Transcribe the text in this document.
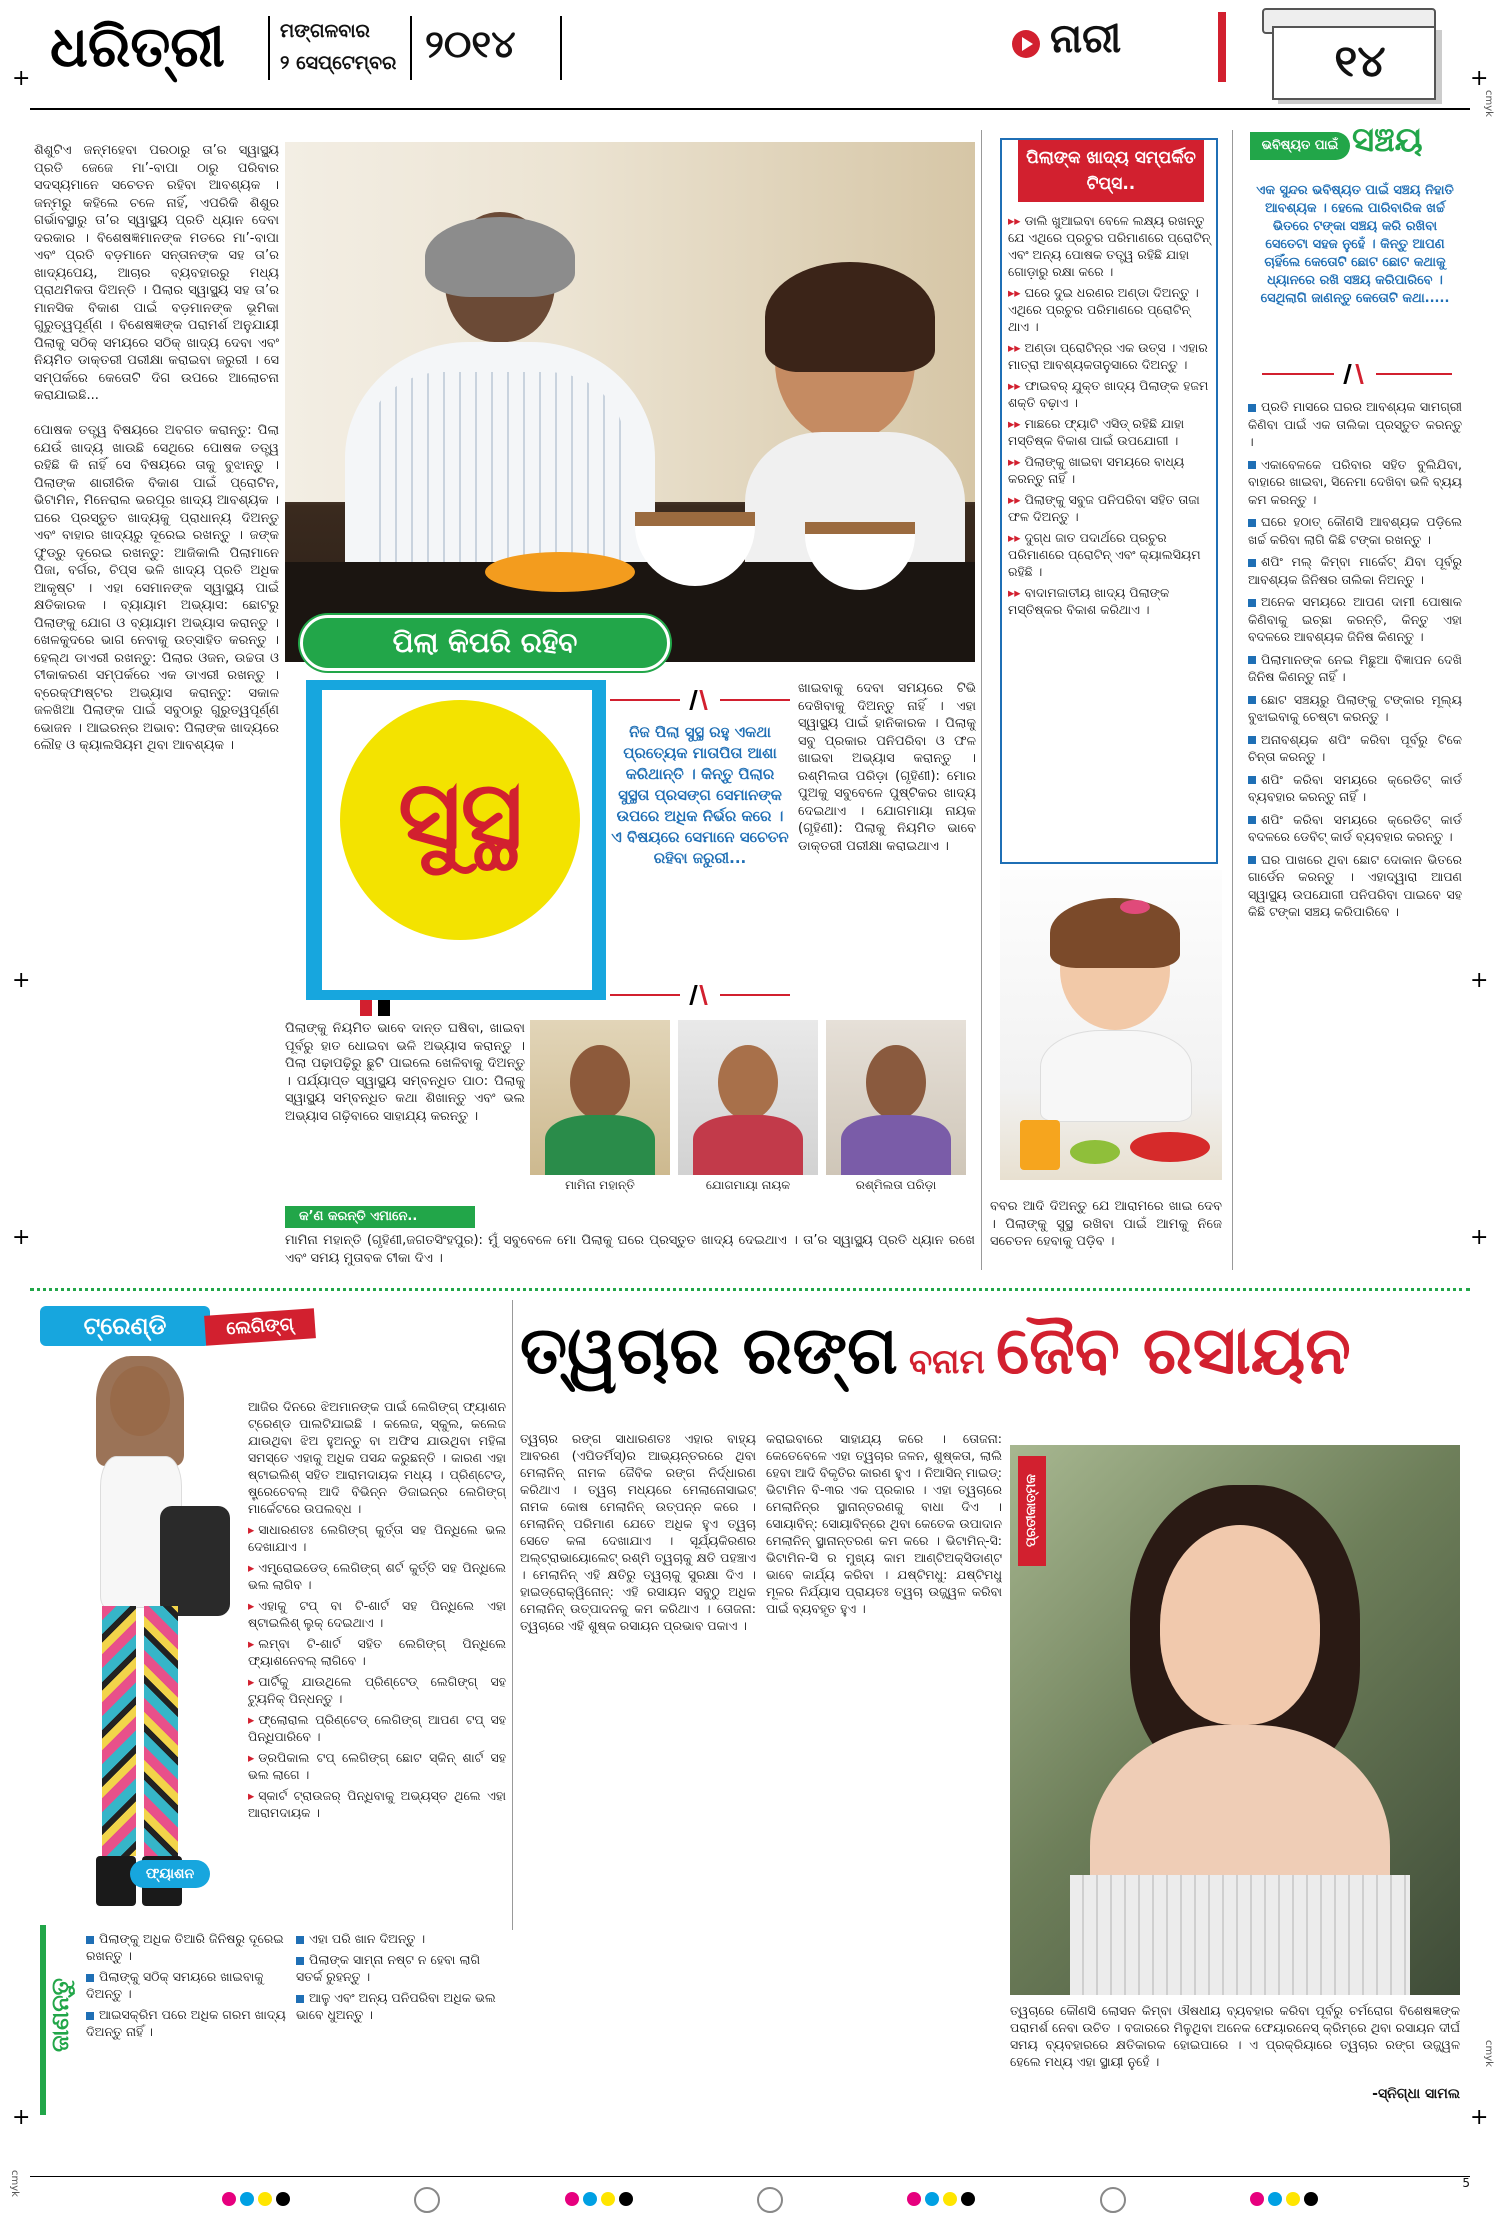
ଧରିତ୍ରୀ	ମଙ୍ଗଳବାର
୨ ସେପ୍ଟେମ୍ବର ୨୦୧୪	ନାରୀ	୧୪
+	+
+	+
+	+
+	+
ଶିଶୁଟିଏ ଜନ୍ମହେବା ପରଠାରୁ ତା’ର ସ୍ୱାସ୍ଥ୍ୟ ପ୍ରତି ଜେଜେ ମା’-ବାପା ଠାରୁ ପରିବାର ସଦସ୍ୟମାନେ ସଚେତନ ରହିବା ଆବଶ୍ୟକ । ଜନ୍ମରୁ କହିଲେ ଚଳେ ନାହିଁ, ଏପରିକି ଶିଶୁର ଗର୍ଭାବସ୍ଥାରୁ ତା’ର ସ୍ୱାସ୍ଥ୍ୟ ପ୍ରତି ଧ୍ୟାନ ଦେବା ଦରକାର । ବିଶେଷଜ୍ଞମାନଙ୍କ ମତରେ ମା’-ବାପା ଏବଂ ପ୍ରତି ବଡ଼ମାନେ ସନ୍ତାନଙ୍କ ସହ ତା’ର ଖାଦ୍ୟପେୟ, ଆଚାର ବ୍ୟବହାରରୁ ମଧ୍ୟ ପ୍ରାଥମିକତା ଦିଅନ୍ତି । ପିଲାର ସ୍ୱାସ୍ଥ୍ୟ ସହ ତା’ର ମାନସିକ ବିକାଶ ପାଇଁ ବଡ଼ମାନଙ୍କ ଭୂମିକା ଗୁରୁତ୍ୱପୂର୍ଣ୍ଣ । ବିଶେଷଜ୍ଞଙ୍କ ପରାମର୍ଶ ଅନୁଯାୟୀ ପିଲାକୁ ସଠିକ୍ ସମୟରେ ସଠିକ୍ ଖାଦ୍ୟ ଦେବା ଏବଂ ନିୟମିତ ଡାକ୍ତରୀ ପରୀକ୍ଷା କରାଇବା ଜରୁରୀ । ସେ ସମ୍ପର୍କରେ କେତୋଟି ଦିଗ ଉପରେ ଆଲୋଚନା କରାଯାଇଛି...

ପୋଷକ ତତ୍ତ୍ୱ ବିଷୟରେ ଅବଗତ କରାନ୍ତୁ: ପିଲା ଯେଉଁ ଖାଦ୍ୟ ଖାଉଛି ସେଥିରେ ପୋଷକ ତତ୍ତ୍ୱ ରହିଛି କି ନାହିଁ ସେ ବିଷୟରେ ତାକୁ ବୁଝାନ୍ତୁ । ପିଲାଙ୍କ ଶାରୀରିକ ବିକାଶ ପାଇଁ ପ୍ରୋଟିନ, ଭିଟାମିନ, ମିନେରାଲ ଭରପୂର ଖାଦ୍ୟ ଆବଶ୍ୟକ । ଘରେ ପ୍ରସ୍ତୁତ ଖାଦ୍ୟକୁ ପ୍ରାଧାନ୍ୟ ଦିଅନ୍ତୁ ଏବଂ ବାହାର ଖାଦ୍ୟରୁ ଦୂରେଇ ରଖନ୍ତୁ । ଜଙ୍କ ଫୁଡ୍‌ରୁ ଦୂରେଇ ରଖନ୍ତୁ: ଆଜିକାଲି ପିଲାମାନେ ପିଜା, ବର୍ଗର, ଚିପ୍ସ ଭଳି ଖାଦ୍ୟ ପ୍ରତି ଅଧିକ ଆକୃଷ୍ଟ । ଏହା ସେମାନଙ୍କ ସ୍ୱାସ୍ଥ୍ୟ ପାଇଁ କ୍ଷତିକାରକ । ବ୍ୟାୟାମ ଅଭ୍ୟାସ: ଛୋଟରୁ ପିଲାଙ୍କୁ ଯୋଗ ଓ ବ୍ୟାୟାମ ଅଭ୍ୟାସ କରାନ୍ତୁ । ଖେଳକୁଦରେ ଭାଗ ନେବାକୁ ଉତ୍ସାହିତ କରନ୍ତୁ । ହେଲ୍‌ଥ ଡାଏରୀ ରଖନ୍ତୁ: ପିଲାର ଓଜନ, ଉଚ୍ଚତା ଓ ଟୀକାକରଣ ସମ୍ପର୍କରେ ଏକ ଡାଏରୀ ରଖନ୍ତୁ । ବ୍ରେକ୍‌ଫାଷ୍ଟର ଅଭ୍ୟାସ କରାନ୍ତୁ: ସକାଳ ଜଳଖିଆ ପିଲାଙ୍କ ପାଇଁ ସବୁଠାରୁ ଗୁରୁତ୍ୱପୂର୍ଣ୍ଣ ଭୋଜନ । ଆଇରନ୍‌ର ଅଭାବ: ପିଲାଙ୍କ ଖାଦ୍ୟରେ ଲୌହ ଓ କ୍ୟାଲସିୟମ ଥିବା ଆବଶ୍ୟକ ।
ପିଲା କିପରି ରହିବ
ସୁସ୍ଥ
ନିଜ ପିଲା ସୁସ୍ଥ ରହୁ ଏକଥା ପ୍ରତ୍ୟେକ ମାତାପିତା ଆଶା କରିଥାନ୍ତି । କିନ୍ତୁ ପିଲାର ସୁସ୍ଥତା ପ୍ରସଙ୍ଗ ସେମାନଙ୍କ ଉପରେ ଅଧିକ ନିର୍ଭର କରେ । ଏ ବିଷୟରେ ସେମାନେ ସଚେତନ ରହିବା ଜରୁରୀ...
ଖାଇବାକୁ ଦେବା ସମୟରେ ଟିଭି ଦେଖିବାକୁ ଦିଅନ୍ତୁ ନାହିଁ । ଏହା ସ୍ୱାସ୍ଥ୍ୟ ପାଇଁ ହାନିକାରକ । ପିଲାକୁ ସବୁ ପ୍ରକାର ପନିପରିବା ଓ ଫଳ ଖାଇବା ଅଭ୍ୟାସ କରାନ୍ତୁ । ରଶ୍ମିଲତା ପରିଡ଼ା (ଗୃହିଣୀ): ମୋର ପୁଅକୁ ସବୁବେଳେ ପୁଷ୍ଟିକର ଖାଦ୍ୟ ଦେଇଥାଏ । ଯୋଗମାୟା ନାୟକ (ଗୃହିଣୀ): ପିଲାକୁ ନିୟମିତ ଭାବେ ଡାକ୍ତରୀ ପରୀକ୍ଷା କରାଇଥାଏ ।
ପିଲାଙ୍କୁ ନିୟମିତ ଭାବେ ଦାନ୍ତ ଘଷିବା, ଖାଇବା ପୂର୍ବରୁ ହାତ ଧୋଇବା ଭଳି ଅଭ୍ୟାସ କରାନ୍ତୁ । ପିଲା ପଢ଼ାପଢ଼ିରୁ ଛୁଟି ପାଇଲେ ଖେଳିବାକୁ ଦିଅନ୍ତୁ । ପର୍ଯ୍ୟାପ୍ତ ସ୍ୱାସ୍ଥ୍ୟ ସମ୍ବନ୍ଧିତ ପାଠ: ପିଲାକୁ ସ୍ୱାସ୍ଥ୍ୟ ସମ୍ବନ୍ଧିତ କଥା ଶିଖାନ୍ତୁ ଏବଂ ଭଲ ଅଭ୍ୟାସ ଗଢ଼ିବାରେ ସାହାଯ୍ୟ କରନ୍ତୁ ।
ମାମିନା ମହାନ୍ତି	ଯୋଗମାୟା ନାୟକ	ରଶ୍ମିଲତା ପରିଡ଼ା
କ’ଣ କରନ୍ତି ଏମାନେ..
ମାମିନା ମହାନ୍ତି (ଗୃହିଣୀ,ଜଗତସିଂହପୁର): ମୁଁ ସବୁବେଳେ ମୋ ପିଲାକୁ ଘରେ ପ୍ରସ୍ତୁତ ଖାଦ୍ୟ ଦେଇଥାଏ । ତା’ର ସ୍ୱାସ୍ଥ୍ୟ ପ୍ରତି ଧ୍ୟାନ ରଖେ ଏବଂ ସମୟ ମୁତାବକ ଟୀକା ଦିଏ ।
ପିଲାଙ୍କ ଖାଦ୍ୟ ସମ୍ପର୍କିତ ଟିପ୍ସ..
▸▸ ଡାଲି ଖୁଆଇବା ବେଳେ ଲକ୍ଷ୍ୟ ରଖନ୍ତୁ ଯେ ଏଥିରେ ପ୍ରଚୁର ପରିମାଣରେ ପ୍ରୋଟିନ୍ ଏବଂ ଅନ୍ୟ ପୋଷକ ତତ୍ତ୍ୱ ରହିଛି ଯାହା ଗୋଡ଼ାରୁ ରକ୍ଷା କରେ ।
▸▸ ଘରେ ଦୁଇ ଧରଣର ଅଣ୍ଡା ଦିଅନ୍ତୁ । ଏଥିରେ ପ୍ରଚୁର ପରିମାଣରେ ପ୍ରୋଟିନ୍ ଥାଏ ।
▸▸ ଅଣ୍ଡା ପ୍ରୋଟିନ୍‌ର ଏକ ଉତ୍ସ । ଏହାର ମାତ୍ରା ଆବଶ୍ୟକତାନୁସାରେ ଦିଅନ୍ତୁ ।
▸▸ ଫାଇବର୍ ଯୁକ୍ତ ଖାଦ୍ୟ ପିଲାଙ୍କ ହଜମ ଶକ୍ତି ବଢ଼ାଏ ।
▸▸ ମାଛରେ ଫ୍ୟାଟି ଏସିଡ୍ ରହିଛି ଯାହା ମସ୍ତିଷ୍କ ବିକାଶ ପାଇଁ ଉପଯୋଗୀ ।
▸▸ ପିଲାଙ୍କୁ ଖାଇବା ସମୟରେ ବାଧ୍ୟ କରନ୍ତୁ ନାହିଁ ।
▸▸ ପିଲାଙ୍କୁ ସବୁଜ ପନିପରିବା ସହିତ ତାଜା ଫଳ ଦିଅନ୍ତୁ ।
▸▸ ଦୁଗ୍ଧ ଜାତ ପଦାର୍ଥରେ ପ୍ରଚୁର ପରିମାଣରେ ପ୍ରୋଟିନ୍ ଏବଂ କ୍ୟାଲସିୟମ ରହିଛି ।
▸▸ ବାଦାମଜାତୀୟ ଖାଦ୍ୟ ପିଲାଙ୍କ ମସ୍ତିଷ୍କର ବିକାଶ କରିଥାଏ ।
ବବର ଆଦି ଦିଅନ୍ତୁ ଯେ ଆରାମରେ ଖାଇ ଦେବ । ପିଲାଙ୍କୁ ସୁସ୍ଥ ରଖିବା ପାଇଁ ଆମକୁ ନିଜେ ସଚେତନ ହେବାକୁ ପଡ଼ିବ ।
ଭବିଷ୍ୟତ ପାଇଁ ସଞ୍ଚୟ
ଏକ ସୁନ୍ଦର ଭବିଷ୍ୟତ ପାଇଁ ସଞ୍ଚୟ ନିହାତି ଆବଶ୍ୟକ । ହେଲେ ପାରିବାରିକ ଖର୍ଚ୍ଚ ଭିତରେ ଟଙ୍କା ସଞ୍ଚୟ କରି ରଖିବା ସେତେଟା ସହଜ ନୁହେଁ । କିନ୍ତୁ ଆପଣ ଚାହିଁଲେ କେତୋଟି ଛୋଟ ଛୋଟ କଥାକୁ ଧ୍ୟାନରେ ରଖି ସଞ୍ଚୟ କରିପାରିବେ । ସେଥିଲାଗି ଜାଣନ୍ତୁ କେତୋଟି କଥା.....
ପ୍ରତି ମାସରେ ଘରର ଆବଶ୍ୟକ ସାମଗ୍ରୀ କିଣିବା ପାଇଁ ଏକ ତାଲିକା ପ୍ରସ୍ତୁତ କରନ୍ତୁ ।
ଏକାବେଳକେ ପରିବାର ସହିତ ବୁଲିଯିବା, ବାହାରେ ଖାଇବା, ସିନେମା ଦେଖିବା ଭଳି ବ୍ୟୟ କମ କରନ୍ତୁ ।
ଘରେ ହଠାତ୍ କୌଣସି ଆବଶ୍ୟକ ପଡ଼ିଲେ ଖର୍ଚ୍ଚ କରିବା ଲାଗି କିଛି ଟଙ୍କା ରଖନ୍ତୁ ।
ଶପିଂ ମଲ୍ କିମ୍ବା ମାର୍କେଟ୍ ଯିବା ପୂର୍ବରୁ ଆବଶ୍ୟକ ଜିନିଷର ତାଲିକା ନିଅନ୍ତୁ ।
ଅନେକ ସମୟରେ ଆପଣ ଦାମୀ ପୋଷାକ କିଣିବାକୁ ଇଚ୍ଛା କରନ୍ତି, କିନ୍ତୁ ଏହା ବଦଳରେ ଆବଶ୍ୟକ ଜିନିଷ କିଣନ୍ତୁ ।
ପିଲାମାନଙ୍କ ନେଇ ମିଛୁଆ ବିଜ୍ଞାପନ ଦେଖି ଜିନିଷ କିଣନ୍ତୁ ନାହିଁ ।
ଛୋଟ ସଞ୍ଚୟରୁ ପିଲାଙ୍କୁ ଟଙ୍କାର ମୂଲ୍ୟ ବୁଝାଇବାକୁ ଚେଷ୍ଟା କରନ୍ତୁ ।
ଅନାବଶ୍ୟକ ଶପିଂ କରିବା ପୂର୍ବରୁ ଟିକେ ଚିନ୍ତା କରନ୍ତୁ ।
ଶପିଂ କରିବା ସମୟରେ କ୍ରେଡିଟ୍ କାର୍ଡ ବ୍ୟବହାର କରନ୍ତୁ ନାହିଁ ।
ଶପିଂ କରିବା ସମୟରେ କ୍ରେଡିଟ୍ କାର୍ଡ ବଦଳରେ ଡେବିଟ୍ କାର୍ଡ ବ୍ୟବହାର କରନ୍ତୁ ।
ଘର ପାଖରେ ଥିବା ଛୋଟ ଦୋକାନ ଭିତରେ ଗାର୍ଡେନ କରନ୍ତୁ । ଏହାଦ୍ୱାରା ଆପଣ ସ୍ୱାସ୍ଥ୍ୟ ଉପଯୋଗୀ ପନିପରିବା ପାଇବେ ସହ କିଛି ଟଙ୍କା ସଞ୍ଚୟ କରିପାରିବେ ।
cmyk
cmyk
cmyk
ଟ୍ରେଣ୍ଡି	ଲେଗିଙ୍ଗ୍
ଫ୍ୟାଶନ
ଆଜିର ଦିନରେ ଝିଅମାନଙ୍କ ପାଇଁ ଲେଗିଙ୍ଗ୍ ଫ୍ୟାଶନ ଟ୍ରେଣ୍ଡ ପାଲଟିଯାଇଛି । କଲେଜ, ସ୍କୁଲ, କଲେଜ ଯାଉଥିବା ଝିଅ ହୁଅନ୍ତୁ ବା ଅଫିସ ଯାଉଥିବା ମହିଳା ସମସ୍ତେ ଏହାକୁ ଅଧିକ ପସନ୍ଦ କରୁଛନ୍ତି । କାରଣ ଏହା ଷ୍ଟାଇଲିଶ୍ ସହିତ ଆରାମଦାୟକ ମଧ୍ୟ । ପ୍ରିଣ୍ଟେଡ୍, ଷ୍ଟ୍ରେଚେବଲ୍ ଆଦି ବିଭିନ୍ନ ଡିଜାଇନ୍‌ର ଲେଗିଙ୍ଗ୍ ମାର୍କେଟରେ ଉପଲବ୍ଧ ।
▸ ସାଧାରଣତଃ ଲେଗିଙ୍ଗ୍ କୁର୍ତ୍ତା ସହ ପିନ୍ଧିଲେ ଭଲ ଦେଖାଯାଏ ।
▸ ଏମ୍ବ୍ରୋଇଡେଡ୍ ଲେଗିଙ୍ଗ୍ ଶର୍ଟ କୁର୍ତ୍ତି ସହ ପିନ୍ଧିଲେ ଭଲ ଲାଗିବ ।
▸ ଏହାକୁ ଟପ୍ ବା ଟି-ଶାର୍ଟ ସହ ପିନ୍ଧିଲେ ଏହା ଷ୍ଟାଇଲିଶ୍ ଲୁକ୍ ଦେଇଥାଏ ।
▸ ଲମ୍ବା ଟି-ଶାର୍ଟ ସହିତ ଲେଗିଙ୍ଗ୍ ପିନ୍ଧିଲେ ଫ୍ୟାଶନେବଲ୍ ଲାଗିବେ ।
▸ ପାର୍ଟିକୁ ଯାଉଥିଲେ ପ୍ରିଣ୍ଟେଡ୍ ଲେଗିଙ୍ଗ୍ ସହ ଟ୍ୟୁନିକ୍ ପିନ୍ଧନ୍ତୁ ।
▸ ଫ୍ଲୋରାଲ ପ୍ରିଣ୍ଟେଡ୍ ଲେଗିଙ୍ଗ୍ ଆପଣ ଟପ୍ ସହ ପିନ୍ଧିପାରିବେ ।
▸ ଡ୍ରପିକାଲ ଟପ୍ ଲେଗିଙ୍ଗ୍ ଛୋଟ ସ୍କିନ୍ ଶାର୍ଟ ସହ ଭଲ ଲାଗେ ।
▸ ସ୍କାର୍ଟ ଟ୍ରାଉଜର୍ ପିନ୍ଧିବାକୁ ଅଭ୍ୟସ୍ତ ଥିଲେ ଏହା ଆରାମଦାୟକ ।
ତ୍ୱଚାର ରଙ୍ଗ ବନାମ ଜୈବ ରସାୟନ
ତ୍ୱଚାର ରଙ୍ଗ ସାଧାରଣତଃ ଏହାର ବାହ୍ୟ ଆବରଣ (ଏପିଡର୍ମିସ୍)ର ଆଭ୍ୟନ୍ତରରେ ଥିବା ମେଲାନିନ୍ ନାମକ ଜୈବିକ ରଙ୍ଗ ନିର୍ଦ୍ଧାରଣ କରିଥାଏ । ତ୍ୱଚା ମଧ୍ୟରେ ମେଲାନୋସାଇଟ୍ ନାମକ କୋଷ ମେଲାନିନ୍ ଉତ୍ପନ୍ନ କରେ । ମେଲାନିନ୍ ପରିମାଣ ଯେତେ ଅଧିକ ହୁଏ ତ୍ୱଚା ସେତେ କଳା ଦେଖାଯାଏ । ସୂର୍ଯ୍ୟକିରଣର ଅଲ୍‌ଟ୍ରାଭାୟୋଲେଟ୍ ରଶ୍ମି ତ୍ୱଚାକୁ କ୍ଷତି ପହଞ୍ଚାଏ । ମେଲାନିନ୍ ଏହି କ୍ଷତିରୁ ତ୍ୱଚାକୁ ସୁରକ୍ଷା ଦିଏ । ହାଇଡ୍ରୋକ୍ୱିନୋନ୍: ଏହି ରସାୟନ ସବୁଠୁ ଅଧିକ ମେଲାନିନ୍ ଉତ୍ପାଦନକୁ କମ କରିଥାଏ । ତୋଜନା: ତ୍ୱଚାରେ ଏହି ଶୁଷ୍କ ରସାୟନ ପ୍ରଭାବ ପକାଏ ।
କରାଇବାରେ ସାହାଯ୍ୟ କରେ । ତୋଜନା: କେତେବେଳେ ଏହା ତ୍ୱଚାର ଜଳନ, ଶୁଷ୍କତା, ଲାଲି ହେବା ଆଦି ବିକୃତିର କାରଣ ହୁଏ । ନିଆସିନ୍ ମାଇଡ୍: ଭିଟାମିନ ବି-୩ର ଏକ ପ୍ରକାର । ଏହା ତ୍ୱଚାରେ ମେଲାନିନ୍‌ର ସ୍ଥାନାନ୍ତରଣକୁ ବାଧା ଦିଏ । ସୋୟାବିନ୍: ସୋୟାବିନ୍‌ରେ ଥିବା କେତେକ ଉପାଦାନ ମେଲାନିନ୍ ସ୍ଥାନାନ୍ତରଣ କମ କରେ । ଭିଟାମିନ୍-ସି: ଭିଟାମିନ-ସି ର ମୁଖ୍ୟ କାମ ଆଣ୍ଟିଅକ୍ସିଡାଣ୍ଟ ଭାବେ କାର୍ଯ୍ୟ କରିବା । ଯଷ୍ଟିମଧୁ: ଯଷ୍ଟିମଧୁ ମୂଳର ନିର୍ଯ୍ୟାସ ପ୍ରାୟତଃ ତ୍ୱଚା ଉଜ୍ଜ୍ୱଳ କରିବା ପାଇଁ ବ୍ୟବହୃତ ହୁଏ ।
ପ୍ରତୀକାତ୍ମକ
ତ୍ୱଚାରେ କୌଣସି ଲୋସନ କିମ୍ବା ଔଷଧୀୟ ବ୍ୟବହାର କରିବା ପୂର୍ବରୁ ଚର୍ମରୋଗ ବିଶେଷଜ୍ଞଙ୍କ ପରାମର୍ଶ ନେବା ଉଚିତ । ବଜାରରେ ମିଳୁଥିବା ଅନେକ ଫେୟାରନେସ୍ କ୍ରିମ୍‌ରେ ଥିବା ରସାୟନ ଦୀର୍ଘ ସମୟ ବ୍ୟବହାରରେ କ୍ଷତିକାରକ ହୋଇପାରେ । ଏ ପ୍ରକ୍ରିୟାରେ ତ୍ୱଚାର ରଙ୍ଗ ଉଜ୍ଜ୍ୱଳ ହେଲେ ମଧ୍ୟ ଏହା ସ୍ଥାୟୀ ନୁହେଁ ।
-ସ୍ନିଗ୍ଧା ସାମଲ
ଜାଣନ୍ତୁ
ପିଲାଙ୍କୁ ଅଧିକ ତିଆରି ଜିନିଷରୁ ଦୂରେଇ ରଖନ୍ତୁ ।
ପିଲାଙ୍କୁ ସଠିକ୍ ସମୟରେ ଖାଇବାକୁ ଦିଅନ୍ତୁ ।
ଆଇସକ୍ରିମ ପରେ ଅଧିକ ଗରମ ଖାଦ୍ୟ ଦିଅନ୍ତୁ ନାହିଁ ।
ଏହା ପରି ଖାନ ଦିଅନ୍ତୁ ।
ପିଲାଙ୍କ ସାମ୍ନା ନଷ୍ଟ ନ ହେବା ଲାଗି ସତର୍କ ରୁହନ୍ତୁ ।
ଆଳୁ ଏବଂ ଅନ୍ୟ ପନିପରିବା ଅଧିକ ଭଲ ଭାବେ ଧୁଅନ୍ତୁ ।
5
